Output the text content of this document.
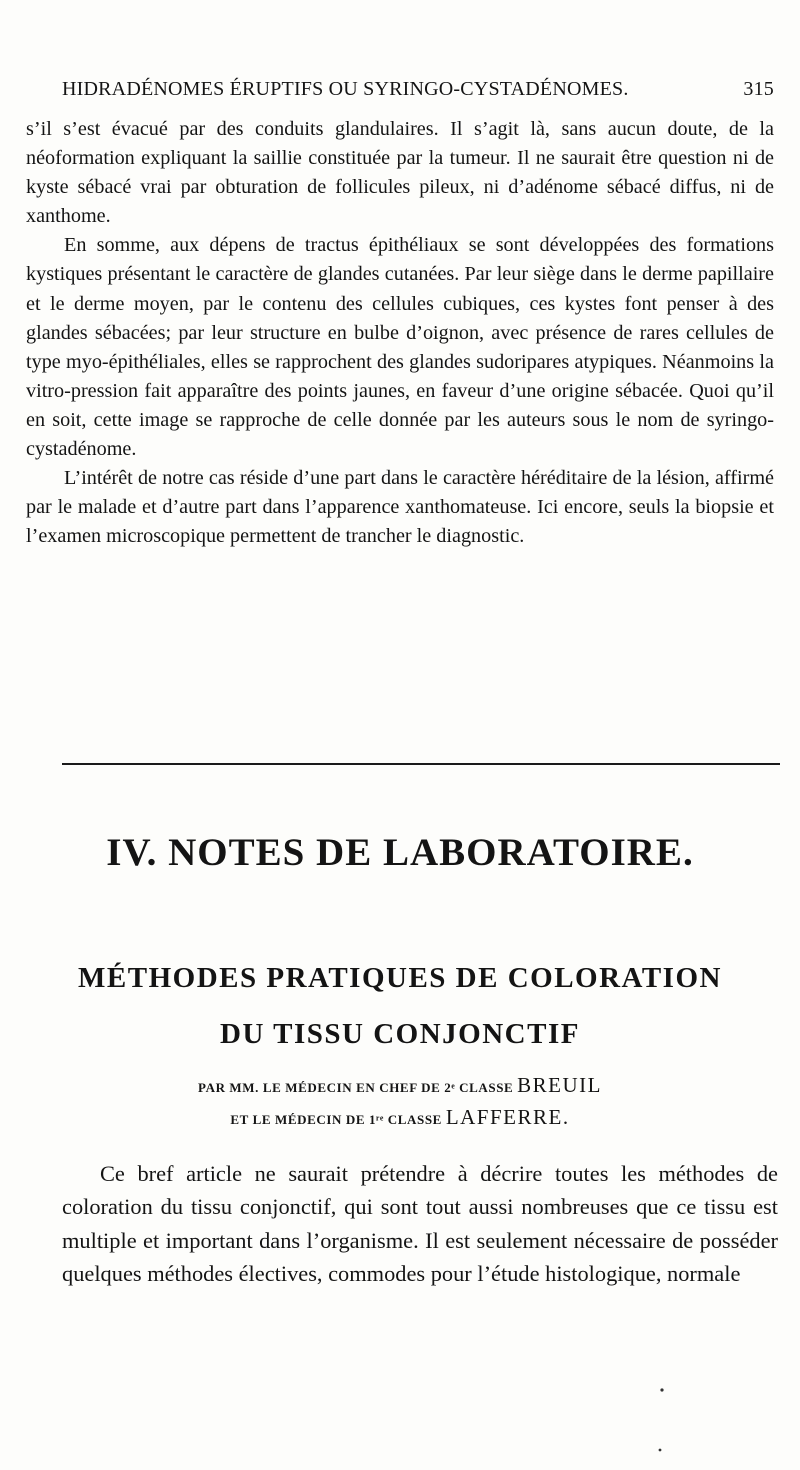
HIDRADÉNOMES ÉRUPTIFS OU SYRINGO-CYSTADÉNOMES.	315

s’il s’est évacué par des conduits glandulaires. Il s’agit là, sans aucun doute, de la néoformation expliquant la saillie constituée par la tumeur. Il ne saurait être question ni de kyste sébacé vrai par obturation de follicules pileux, ni d’adénome sébacé diffus, ni de xanthome.

En somme, aux dépens de tractus épithéliaux se sont développées des formations kystiques présentant le caractère de glandes cutanées. Par leur siège dans le derme papillaire et le derme moyen, par le contenu des cellules cubiques, ces kystes font penser à des glandes sébacées; par leur structure en bulbe d’oignon, avec présence de rares cellules de type myo-épithéliales, elles se rapprochent des glandes sudoripares atypiques. Néanmoins la vitro-pression fait apparaître des points jaunes, en faveur d’une origine sébacée. Quoi qu’il en soit, cette image se rapproche de celle donnée par les auteurs sous le nom de syringo-cystadénome.

L’intérêt de notre cas réside d’une part dans le caractère héréditaire de la lésion, affirmé par le malade et d’autre part dans l’apparence xanthomateuse. Ici encore, seuls la biopsie et l’examen microscopique permettent de trancher le diagnostic.

IV. NOTES DE LABORATOIRE.
MÉTHODES PRATIQUES DE COLORATION
DU TISSU CONJONCTIF
PAR MM. LE MÉDECIN EN CHEF DE 2ᵉ CLASSE BREUIL
ET LE MÉDECIN DE 1ʳᵉ CLASSE LAFFERRE.

Ce bref article ne saurait prétendre à décrire toutes les méthodes de coloration du tissu conjonctif, qui sont tout aussi nombreuses que ce tissu est multiple et important dans l’organisme. Il est seulement nécessaire de posséder quelques méthodes électives, commodes pour l’étude histologique, normale
